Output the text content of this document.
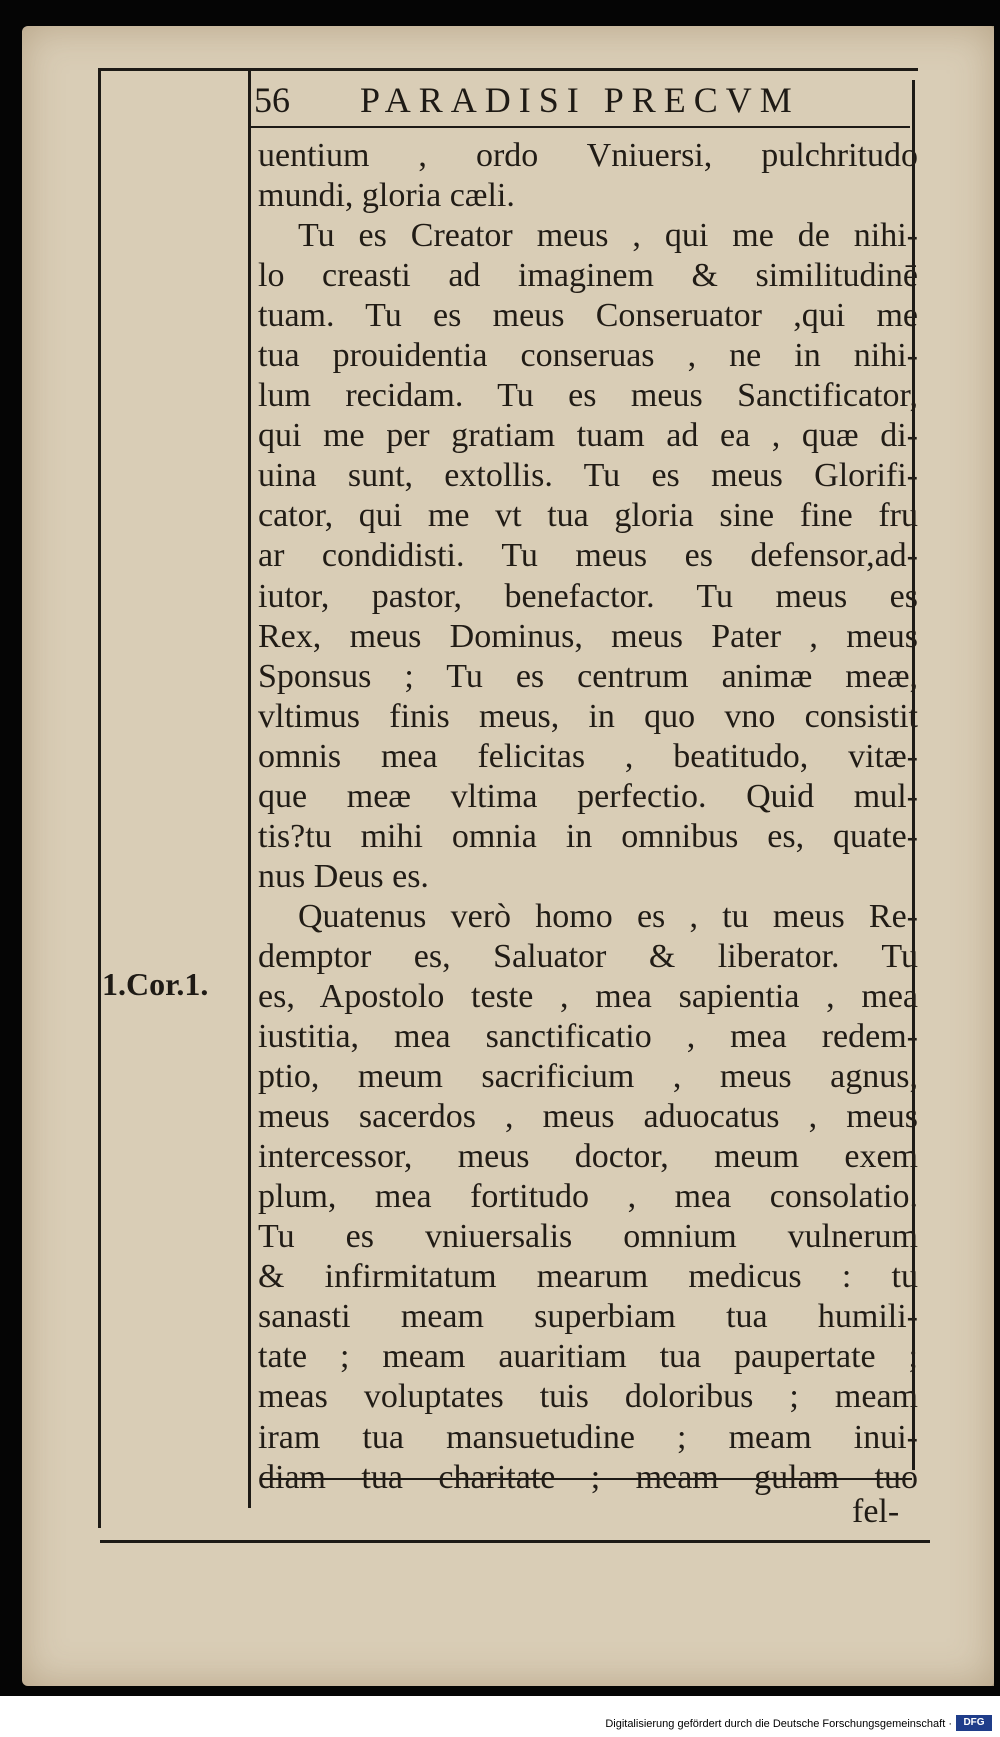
56	PARADISI PRECVM
1.Cor.1.
uentium , ordo Vniuersi, pulchritudo
mundi, gloria cæli.
Tu es Creator meus , qui me de nihi-
lo creasti ad imaginem & similitudinē
tuam. Tu es meus Conseruator ,qui me
tua prouidentia conseruas , ne in nihi-
lum recidam. Tu es meus Sanctificator,
qui me per gratiam tuam ad ea , quæ di-
uina sunt, extollis. Tu es meus Glorifi-
cator, qui me vt tua gloria sine fine fru
ar condidisti. Tu meus es defensor,ad-
iutor, pastor, benefactor. Tu meus es
Rex, meus Dominus, meus Pater , meus
Sponsus ; Tu es centrum animæ meæ,
vltimus finis meus, in quo vno consistit
omnis mea felicitas , beatitudo, vitæ-
que meæ vltima perfectio. Quid mul-
tis?tu mihi omnia in omnibus es, quate-
nus Deus es.
Quatenus verò homo es , tu meus Re-
demptor es, Saluator & liberator. Tu
es, Apostolo teste , mea sapientia , mea
iustitia, mea sanctificatio , mea redem-
ptio, meum sacrificium , meus agnus,
meus sacerdos , meus aduocatus , meus
intercessor, meus doctor, meum exem
plum, mea fortitudo , mea consolatio.
Tu es vniuersalis omnium vulnerum
& infirmitatum mearum medicus : tu
sanasti meam superbiam tua humili-
tate ; meam auaritiam tua paupertate ;
meas voluptates tuis doloribus ; meam
iram tua mansuetudine ; meam inui-
diam tua charitate ; meam gulam tuo
fel-
Digitalisierung gefördert durch die Deutsche Forschungsgemeinschaft ·	DFG
